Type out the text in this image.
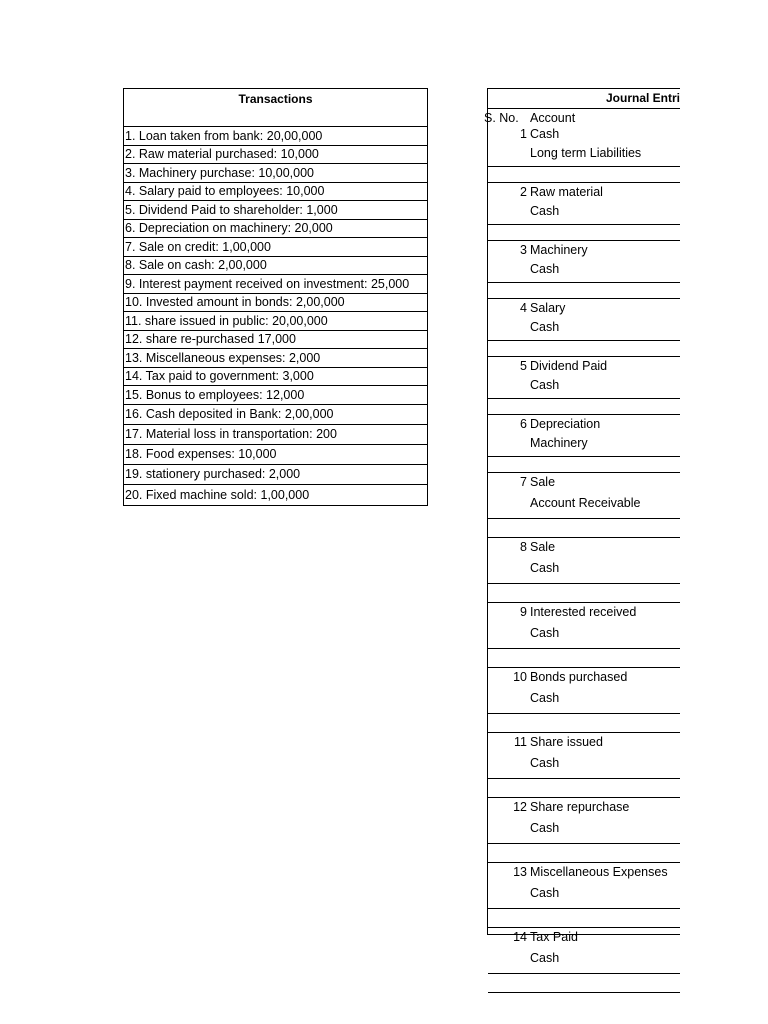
Transactions
1. Loan taken from bank: 20,00,000
2. Raw material purchased: 10,000
3. Machinery purchase: 10,00,000
4. Salary paid to employees: 10,000
5. Dividend Paid to shareholder: 1,000
6. Depreciation on machinery: 20,000
7. Sale on credit: 1,00,000
8. Sale on cash: 2,00,000
9. Interest payment received on investment: 25,000
10. Invested amount in bonds: 2,00,000
11. share issued in public: 20,00,000
12. share re-purchased 17,000
13. Miscellaneous expenses: 2,000
14. Tax paid to government: 3,000
15. Bonus to employees: 12,000
16. Cash deposited in Bank: 2,00,000
17. Material loss in transportation: 200
18. Food expenses: 10,000
19. stationery purchased: 2,000
20. Fixed machine sold: 1,00,000
Journal Entri
S. No. Account
1 Cash
Long term Liabilities
2 Raw material
Cash
3 Machinery
Cash
4 Salary
Cash
5 Dividend Paid
Cash
6 Depreciation
Machinery
7 Sale
Account Receivable
8 Sale
Cash
9 Interested received
Cash
10 Bonds purchased
Cash
11 Share issued
Cash
12 Share repurchase
Cash
13 Miscellaneous Expenses
Cash
14 Tax Paid
Cash
